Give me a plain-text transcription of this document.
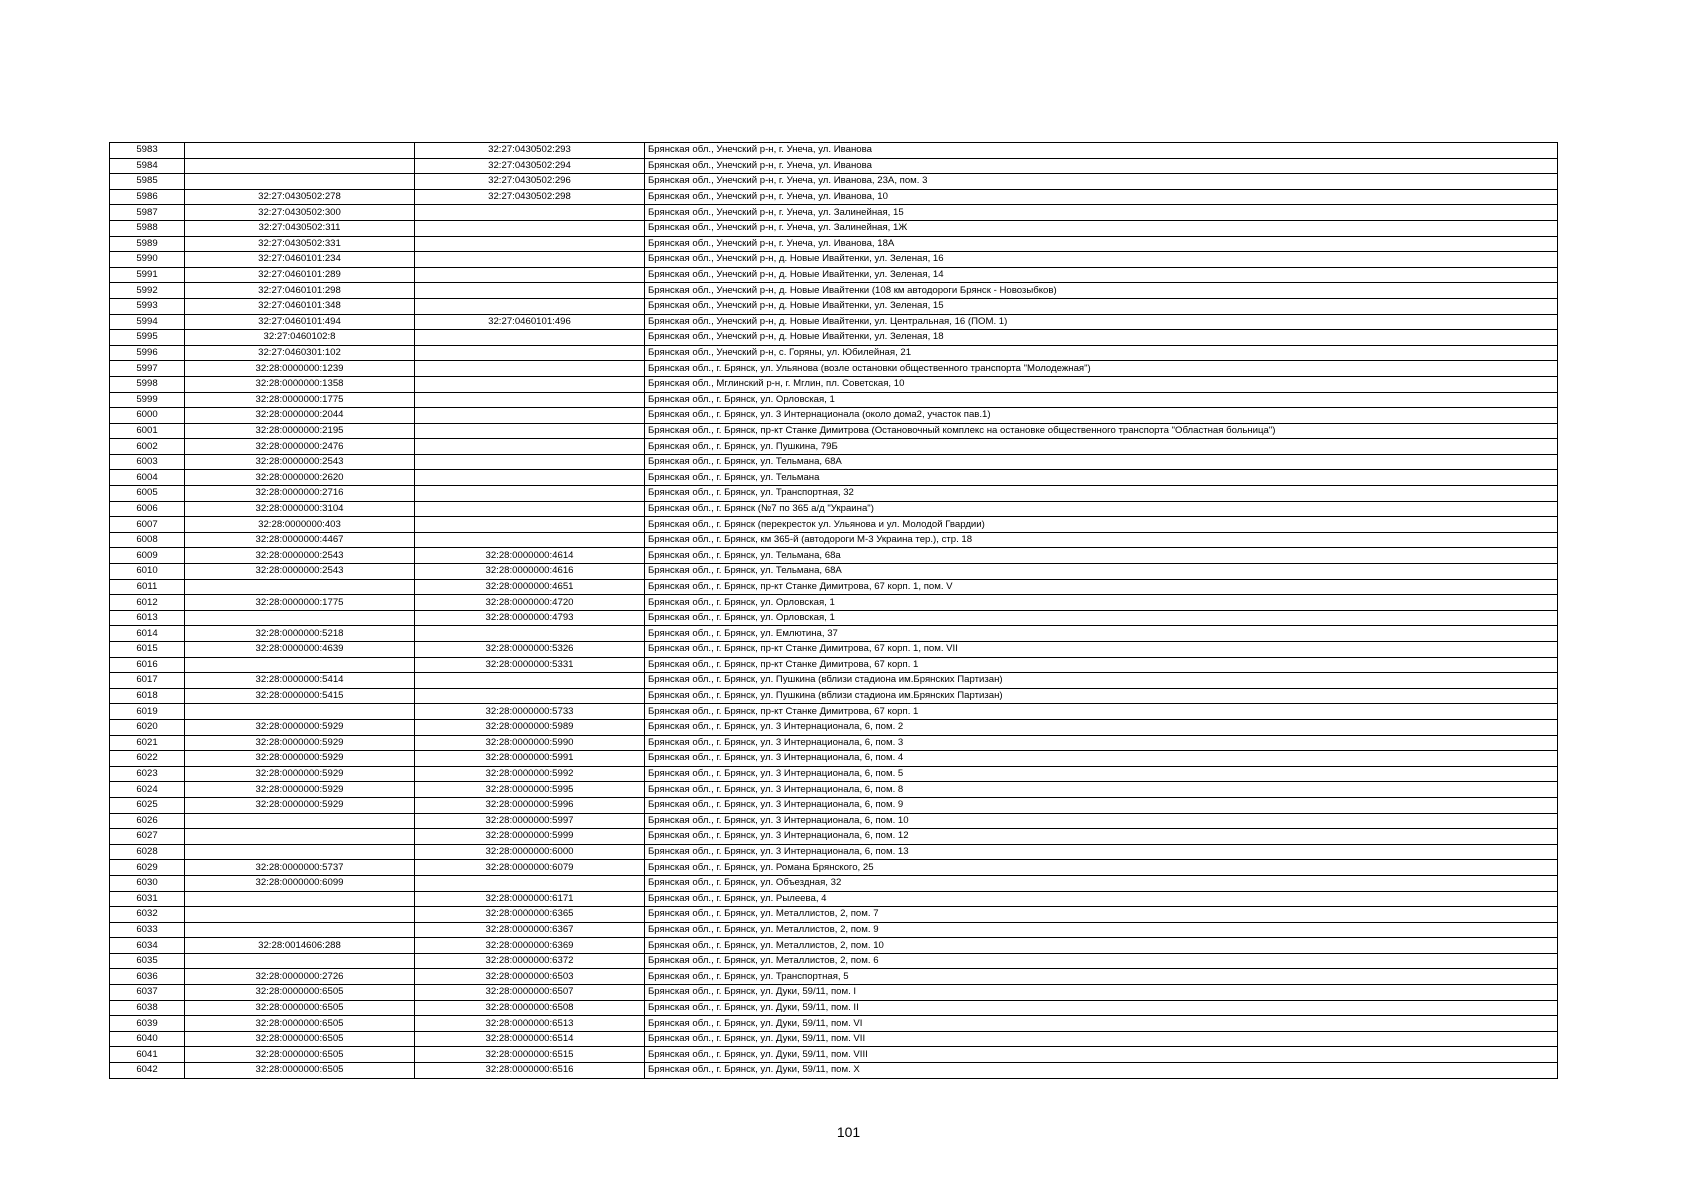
5983		32:27:0430502:293	Брянская обл., Унечский р-н, г. Унеча, ул. Иванова
5984		32:27:0430502:294	Брянская обл., Унечский р-н, г. Унеча, ул. Иванова
5985		32:27:0430502:296	Брянская обл., Унечский р-н, г. Унеча, ул. Иванова, 23А, пом. 3
5986	32:27:0430502:278	32:27:0430502:298	Брянская обл., Унечский р-н, г. Унеча, ул. Иванова, 10
5987	32:27:0430502:300		Брянская обл., Унечский р-н, г. Унеча, ул. Залинейная, 15
5988	32:27:0430502:311		Брянская обл., Унечский р-н, г. Унеча, ул. Залинейная, 1Ж
5989	32:27:0430502:331		Брянская обл., Унечский р-н, г. Унеча, ул. Иванова, 18А
5990	32:27:0460101:234		Брянская обл., Унечский р-н, д. Новые Ивайтенки, ул. Зеленая, 16
5991	32:27:0460101:289		Брянская обл., Унечский р-н, д. Новые Ивайтенки, ул. Зеленая, 14
5992	32:27:0460101:298		Брянская обл., Унечский р-н, д. Новые Ивайтенки (108 км автодороги Брянск - Новозыбков)
5993	32:27:0460101:348		Брянская обл., Унечский р-н, д. Новые Ивайтенки, ул. Зеленая, 15
5994	32:27:0460101:494	32:27:0460101:496	Брянская обл., Унечский р-н, д. Новые Ивайтенки, ул. Центральная, 16 (ПОМ. 1)
5995	32:27:0460102:8		Брянская обл., Унечский р-н, д. Новые Ивайтенки, ул. Зеленая, 18
5996	32:27:0460301:102		Брянская обл., Унечский р-н, с. Горяны, ул. Юбилейная, 21
5997	32:28:0000000:1239		Брянская обл., г. Брянск, ул. Ульянова (возле остановки общественного транспорта "Молодежная")
5998	32:28:0000000:1358		Брянская обл., Мглинский р-н, г. Мглин, пл. Советская, 10
5999	32:28:0000000:1775		Брянская обл., г. Брянск, ул. Орловская, 1
6000	32:28:0000000:2044		Брянская обл., г. Брянск, ул. 3 Интернационала (около дома2, участок пав.1)
6001	32:28:0000000:2195		Брянская обл., г. Брянск, пр-кт Станке Димитрова (Остановочный комплекс на остановке общественного транспорта "Областная больница")
6002	32:28:0000000:2476		Брянская обл., г. Брянск, ул. Пушкина, 79Б
6003	32:28:0000000:2543		Брянская обл., г. Брянск, ул. Тельмана, 68А
6004	32:28:0000000:2620		Брянская обл., г. Брянск, ул. Тельмана
6005	32:28:0000000:2716		Брянская обл., г. Брянск, ул. Транспортная, 32
6006	32:28:0000000:3104		Брянская обл., г. Брянск (№7 по 365 а/д "Украина")
6007	32:28:0000000:403		Брянская обл., г. Брянск (перекресток ул. Ульянова и ул. Молодой Гвардии)
6008	32:28:0000000:4467		Брянская обл., г. Брянск, км 365-й (автодороги М-3 Украина тер.), стр. 18
6009	32:28:0000000:2543	32:28:0000000:4614	Брянская обл., г. Брянск, ул. Тельмана, 68а
6010	32:28:0000000:2543	32:28:0000000:4616	Брянская обл., г. Брянск, ул. Тельмана, 68А
6011		32:28:0000000:4651	Брянская обл., г. Брянск, пр-кт Станке Димитрова, 67 корп. 1, пом. V
6012	32:28:0000000:1775	32:28:0000000:4720	Брянская обл., г. Брянск, ул. Орловская, 1
6013		32:28:0000000:4793	Брянская обл., г. Брянск, ул. Орловская, 1
6014	32:28:0000000:5218		Брянская обл., г. Брянск, ул. Емлютина, 37
6015	32:28:0000000:4639	32:28:0000000:5326	Брянская обл., г. Брянск, пр-кт Станке Димитрова, 67 корп. 1, пом. VII
6016		32:28:0000000:5331	Брянская обл., г. Брянск, пр-кт Станке Димитрова, 67 корп. 1
6017	32:28:0000000:5414		Брянская обл., г. Брянск, ул. Пушкина (вблизи стадиона им.Брянских Партизан)
6018	32:28:0000000:5415		Брянская обл., г. Брянск, ул. Пушкина (вблизи стадиона им.Брянских Партизан)
6019		32:28:0000000:5733	Брянская обл., г. Брянск, пр-кт Станке Димитрова, 67 корп. 1
6020	32:28:0000000:5929	32:28:0000000:5989	Брянская обл., г. Брянск, ул. 3 Интернационала, 6, пом. 2
6021	32:28:0000000:5929	32:28:0000000:5990	Брянская обл., г. Брянск, ул. 3 Интернационала, 6, пом. 3
6022	32:28:0000000:5929	32:28:0000000:5991	Брянская обл., г. Брянск, ул. 3 Интернационала, 6, пом. 4
6023	32:28:0000000:5929	32:28:0000000:5992	Брянская обл., г. Брянск, ул. 3 Интернационала, 6, пом. 5
6024	32:28:0000000:5929	32:28:0000000:5995	Брянская обл., г. Брянск, ул. 3 Интернационала, 6, пом. 8
6025	32:28:0000000:5929	32:28:0000000:5996	Брянская обл., г. Брянск, ул. 3 Интернационала, 6, пом. 9
6026		32:28:0000000:5997	Брянская обл., г. Брянск, ул. 3 Интернационала, 6, пом. 10
6027		32:28:0000000:5999	Брянская обл., г. Брянск, ул. 3 Интернационала, 6, пом. 12
6028		32:28:0000000:6000	Брянская обл., г. Брянск, ул. 3 Интернационала, 6, пом. 13
6029	32:28:0000000:5737	32:28:0000000:6079	Брянская обл., г. Брянск, ул. Романа Брянского, 25
6030	32:28:0000000:6099		Брянская обл., г. Брянск, ул. Объездная, 32
6031		32:28:0000000:6171	Брянская обл., г. Брянск, ул. Рылеева, 4
6032		32:28:0000000:6365	Брянская обл., г. Брянск, ул. Металлистов, 2, пом. 7
6033		32:28:0000000:6367	Брянская обл., г. Брянск, ул. Металлистов, 2, пом. 9
6034	32:28:0014606:288	32:28:0000000:6369	Брянская обл., г. Брянск, ул. Металлистов, 2, пом. 10
6035		32:28:0000000:6372	Брянская обл., г. Брянск, ул. Металлистов, 2, пом. 6
6036	32:28:0000000:2726	32:28:0000000:6503	Брянская обл., г. Брянск, ул. Транспортная, 5
6037	32:28:0000000:6505	32:28:0000000:6507	Брянская обл., г. Брянск, ул. Дуки, 59/11, пом. I
6038	32:28:0000000:6505	32:28:0000000:6508	Брянская обл., г. Брянск, ул. Дуки, 59/11, пом. II
6039	32:28:0000000:6505	32:28:0000000:6513	Брянская обл., г. Брянск, ул. Дуки, 59/11, пом. VI
6040	32:28:0000000:6505	32:28:0000000:6514	Брянская обл., г. Брянск, ул. Дуки, 59/11, пом. VII
6041	32:28:0000000:6505	32:28:0000000:6515	Брянская обл., г. Брянск, ул. Дуки, 59/11, пом. VIII
6042	32:28:0000000:6505	32:28:0000000:6516	Брянская обл., г. Брянск, ул. Дуки, 59/11, пом. X
101
